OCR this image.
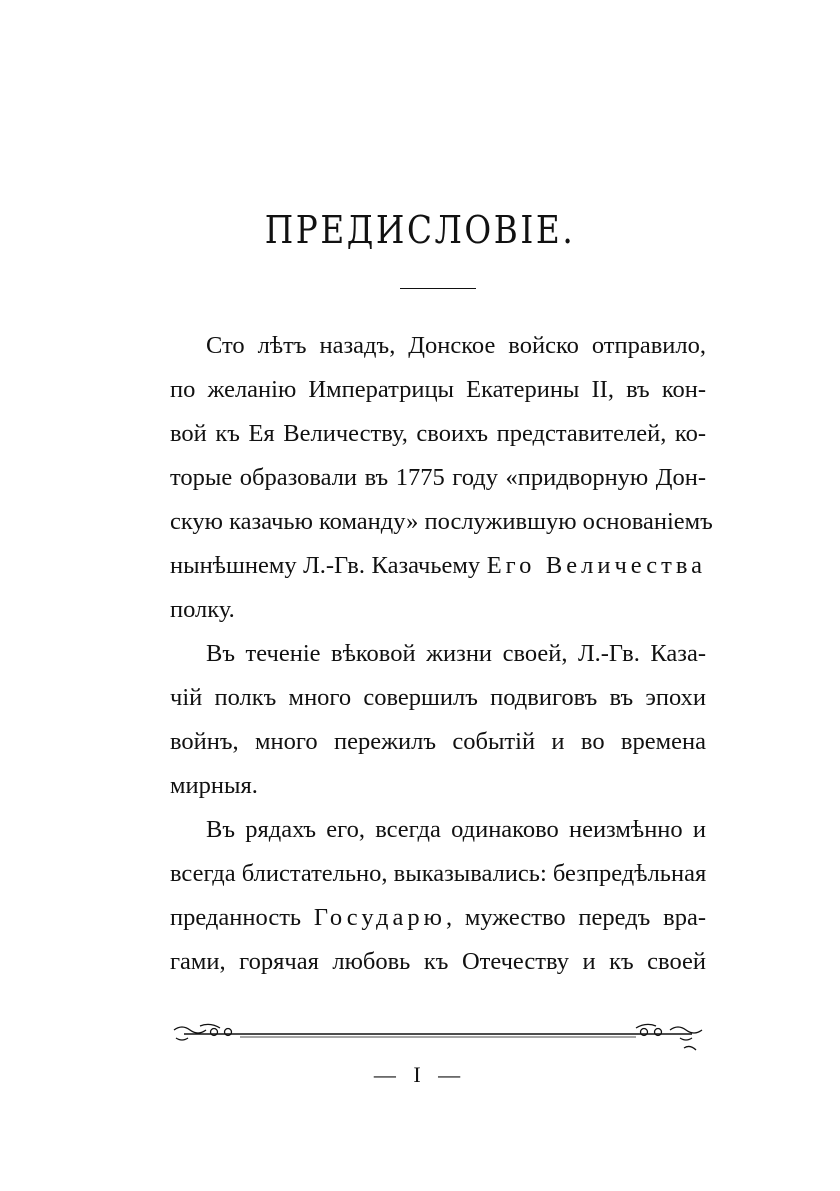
ПРЕДИСЛОВІЕ.
Сто лѣтъ назадъ, Донское войско отправило,
по желанію Императрицы Екатерины II, въ кон-
вой къ Ея Величеству, своихъ представителей, ко-
торые образовали въ 1775 году «придворную Дон-
скую казачью команду» послужившую основаніемъ
нынѣшнему Л.-Гв. Казачьему Его Величества
полку.
Въ теченіе вѣковой жизни своей, Л.-Гв. Каза-
чій полкъ много совершилъ подвиговъ въ эпохи
войнъ, много пережилъ событій и во времена
мирныя.
Въ рядахъ его, всегда одинаково неизмѣнно и
всегда блистательно, выказывались: безпредѣльная
преданность Государю, мужество передъ вра-
гами, горячая любовь къ Отечеству и къ своей
— I —
